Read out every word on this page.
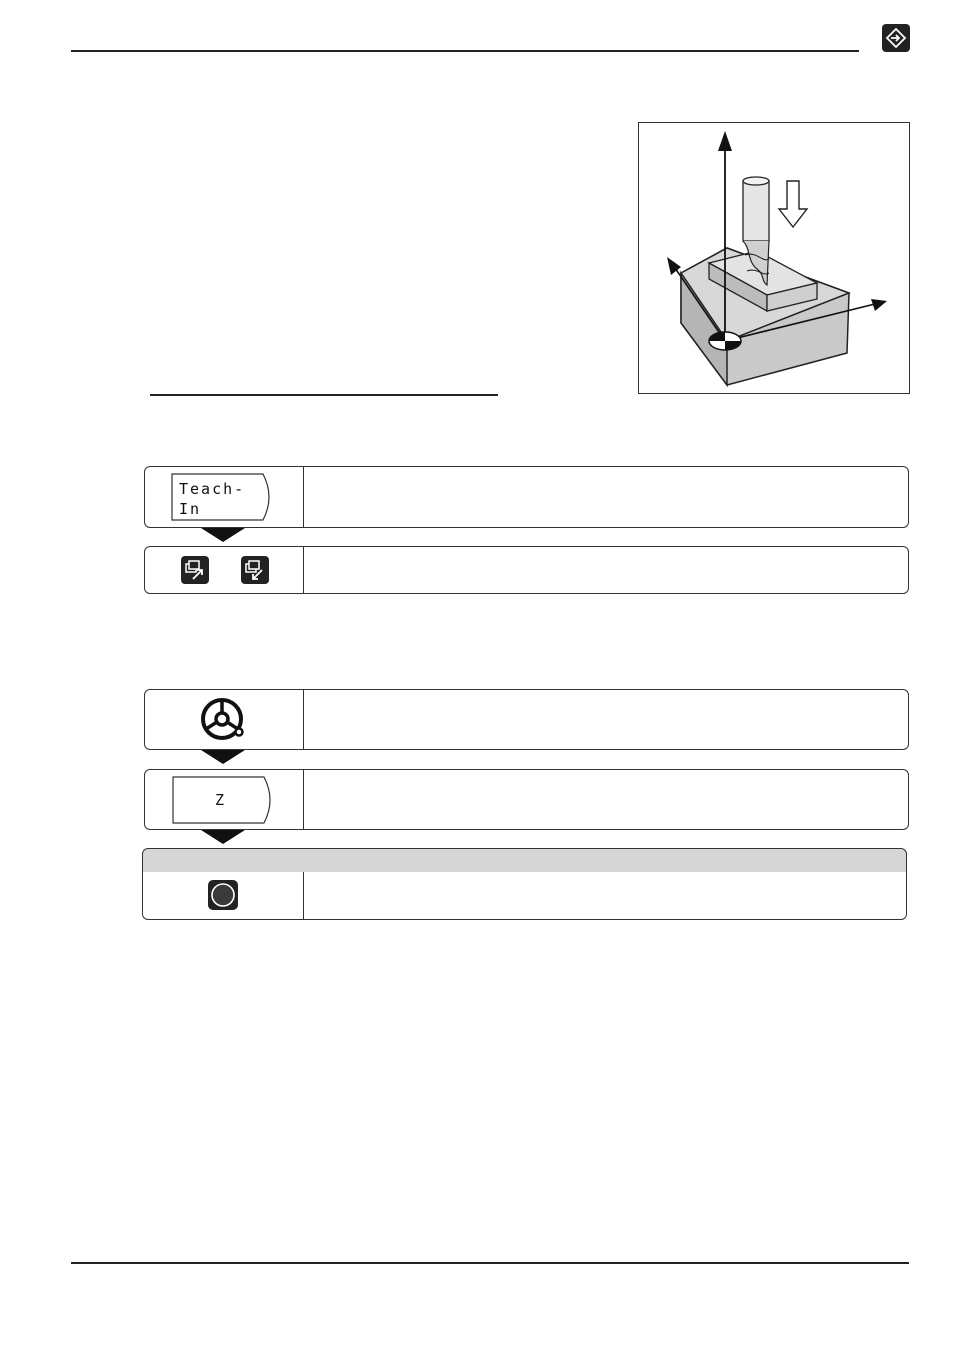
Teach-
In
Z
